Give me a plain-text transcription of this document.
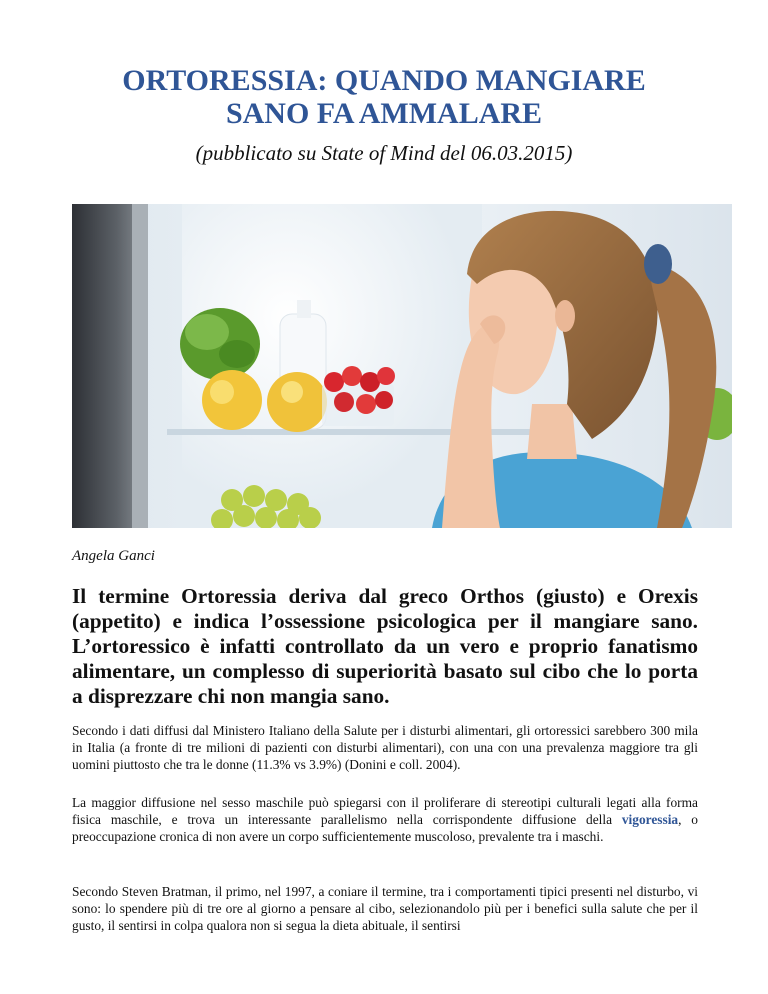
ORTORESSIA: QUANDO MANGIARE
SANO FA AMMALARE

(pubblicato su State of Mind del 06.03.2015)

Angela Ganci

Il termine Ortoressia deriva dal greco Orthos (giusto) e Orexis (appetito) e indica l’ossessione psicologica per il mangiare sano. L’ortoressico è infatti controllato da un vero e proprio fanatismo alimentare, un complesso di superiorità basato sul cibo che lo porta a disprezzare chi non mangia sano.

Secondo i dati diffusi dal Ministero Italiano della Salute per i disturbi alimentari, gli ortoressici sarebbero 300 mila in Italia (a fronte di tre milioni di pazienti con disturbi alimentari), con una con una prevalenza maggiore tra gli uomini piuttosto che tra le donne (11.3% vs 3.9%) (Donini e coll. 2004).

La maggior diffusione nel sesso maschile può spiegarsi con il proliferare di stereotipi culturali legati alla forma fisica maschile, e trova un interessante parallelismo nella corrispondente diffusione della vigoressia, o preoccupazione cronica di non avere un corpo sufficientemente muscoloso, prevalente tra i maschi.

Secondo Steven Bratman, il primo, nel 1997, a coniare il termine, tra i comportamenti tipici presenti nel disturbo, vi sono: lo spendere più di tre ore al giorno a pensare al cibo, selezionandolo più per i benefici sulla salute che per il gusto, il sentirsi in colpa qualora non si segua la dieta abituale, il sentirsi
